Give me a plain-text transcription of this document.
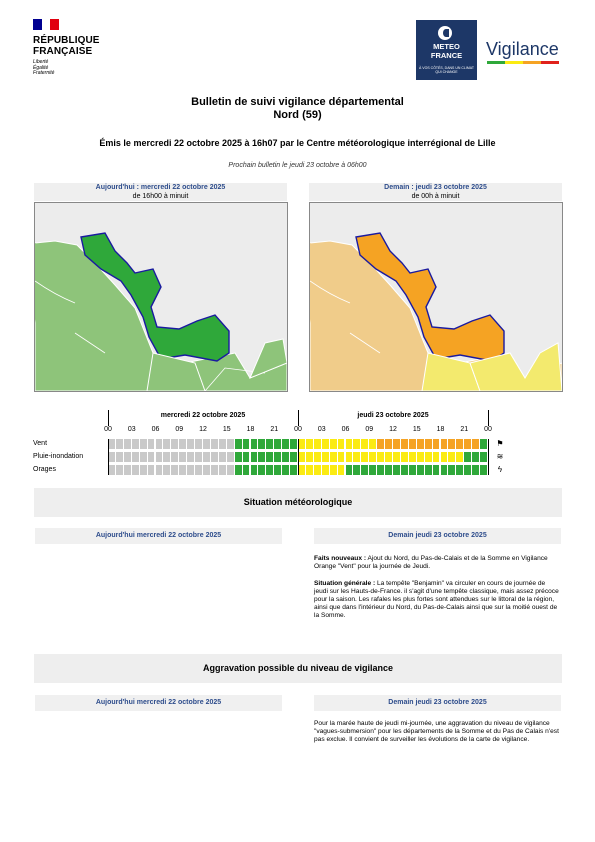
RÉPUBLIQUE
FRANÇAISE
Liberté
Égalité
Fraternité
METEO
FRANCE
À VOS CÔTÉS, DANS UN CLIMAT QUI CHANGE
Vigilance
Bulletin de suivi vigilance départemental
Nord (59)
Émis le mercredi 22 octobre 2025 à 16h07 par le Centre météorologique interrégional de Lille
Prochain bulletin le jeudi 23 octobre à 06h00
Aujourd'hui : mercredi 22 octobre 2025
de 16h00 à minuit
Demain : jeudi 23 octobre 2025
de 00h à minuit
mercredi 22 octobre 2025	jeudi 23 octobre 2025
00	03	06	09	12	15	18	21	00	03	06	09	12	15	18	21	00
Vent	⚑
Pluie-inondation	≋
Orages	ϟ
Situation météorologique
Aujourd'hui mercredi 22 octobre 2025	Demain jeudi 23 octobre 2025
Faits nouveaux : Ajout du Nord, du Pas-de-Calais et de la Somme en Vigilance Orange "Vent" pour la journée de Jeudi.
Situation générale : La tempête "Benjamin" va circuler en cours de journée de jeudi sur les Hauts-de-France. il s'agit d'une tempête classique, mais assez précoce pour la saison. Les rafales les plus fortes sont attendues sur le littoral de la région, ainsi que dans l'intérieur du Nord, du Pas-de-Calais ainsi que sur la moitié ouest de la Somme.
Aggravation possible du niveau de vigilance
Aujourd'hui mercredi 22 octobre 2025	Demain jeudi 23 octobre 2025
Pour la marée haute de jeudi mi-journée, une aggravation du niveau de vigilance "vagues-submersion" pour les départements de la Somme et du Pas de Calais n'est pas exclue. Il convient de surveiller les évolutions de la carte de vigilance.
